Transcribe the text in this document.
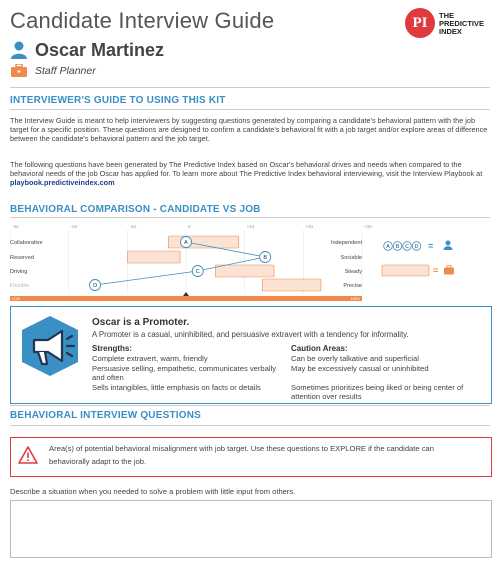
Candidate Interview Guide	PI	THE
PREDICTIVE
INDEX
Oscar Martinez
Staff Planner
INTERVIEWER'S GUIDE TO USING THIS KIT
The Interview Guide is meant to help interviewers by suggesting questions generated by comparing a candidate's behavioral pattern with the job target for a specific position. These questions are designed to confirm a candidate's behavioral fit with a job target and/or explore areas of difference between the candidate's behavioral pattern and the job target.
The following questions have been generated by The Predictive Index based on Oscar's behavioral drives and needs when compared to the behavioral needs of the job Oscar has applied for. To learn more about The Predictive Index behavioral interviewing, visit the Interview Playbook at playbook.predictiveindex.com
BEHAVIORAL COMPARISON - CANDIDATE VS JOB
-3σ	-2σ	-1σ	0	+1σ	+2σ	+3σ
Collaborative	Independent
Reserved	Sociable
Driving	Steady
Flexible	Precise
A
B
C
D
LOW	HIGH
A B C D =
=
Oscar is a Promoter.
A Promoter is a casual, uninhibited, and persuasive extravert with a tendency for informality.
Strengths:
Complete extravert, warm, friendly
Persuasive selling, empathetic, communicates verbally and often
Sells intangibles, little emphasis on facts or details
Caution Areas:
Can be overly talkative and superficial
May be excessively casual or uninhibited
Sometimes prioritizes being liked or being center of attention over results
BEHAVIORAL INTERVIEW QUESTIONS
Area(s) of potential behavioral misalignment with job target. Use these questions to EXPLORE if the candidate can behaviorally adapt to the job.
Describe a situation when you needed to solve a problem with little input from others.
